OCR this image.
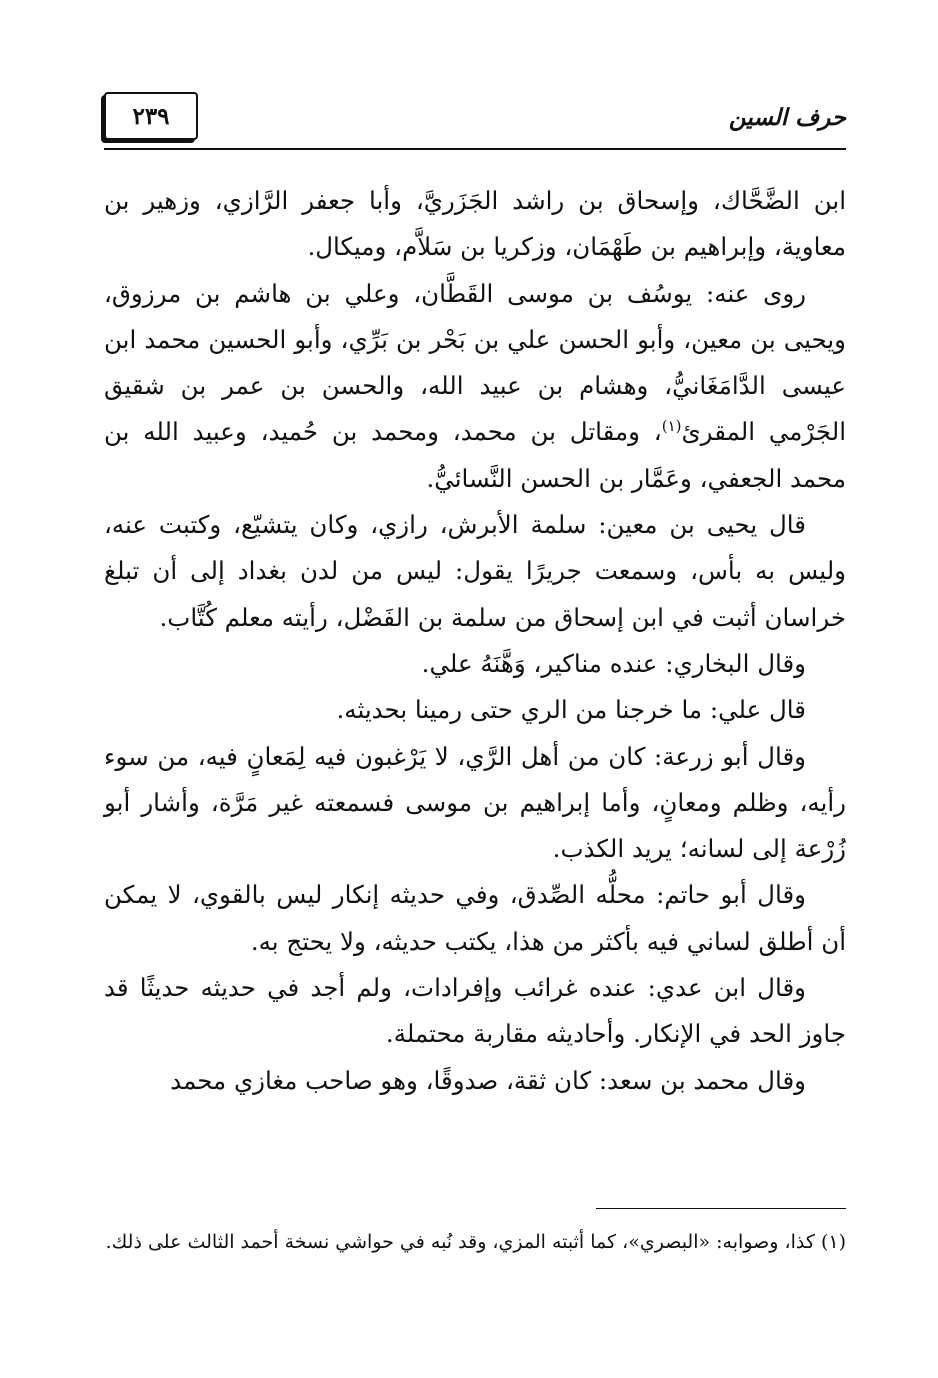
حرف السين
٢٣٩

ابن الضَّحَّاك، وإسحاق بن راشد الجَزَريَّ، وأبا جعفر الرَّازي، وزهير بن معاوية، وإبراهيم بن طَهْمَان، وزكريا بن سَلاَّم، وميكال.

روى عنه: يوسُف بن موسى القَطَّان، وعلي بن هاشم بن مرزوق، ويحيى بن معين، وأبو الحسن علي بن بَحْر بن بَرِّي، وأبو الحسين محمد ابن عيسى الدَّامَغَانيُّ، وهشام بن عبيد الله، والحسن بن عمر بن شقيق الجَرْمي المقرئ$^{(١)}$، ومقاتل بن محمد، ومحمد بن حُميد، وعبيد الله بن محمد الجعفي، وعَمَّار بن الحسن النَّسائيُّ.

قال يحيى بن معين: سلمة الأبرش، رازي، وكان يتشيّع، وكتبت عنه، وليس به بأس، وسمعت جريرًا يقول: ليس من لدن بغداد إلى أن تبلغ خراسان أثبت في ابن إسحاق من سلمة بن الفَضْل، رأيته معلم كُتَّاب.

وقال البخاري: عنده مناكير، وَهَّنَهُ علي.

قال علي: ما خرجنا من الري حتى رمينا بحديثه.

وقال أبو زرعة: كان من أهل الرَّي، لا يَرْغبون فيه لِمَعانٍ فيه، من سوء رأيه، وظلم ومعانٍ، وأما إبراهيم بن موسى فسمعته غير مَرَّة، وأشار أبو زُرْعة إلى لسانه؛ يريد الكذب.

وقال أبو حاتم: محلُّه الصِّدق، وفي حديثه إنكار ليس بالقوي، لا يمكن أن أطلق لساني فيه بأكثر من هذا، يكتب حديثه، ولا يحتج به.

وقال ابن عدي: عنده غرائب وإفرادات، ولم أجد في حديثه حديثًا قد جاوز الحد في الإنكار. وأحاديثه مقاربة محتملة.

وقال محمد بن سعد: كان ثقة، صدوقًا، وهو صاحب مغازي محمد

(١) كذا، وصوابه: «البصري»، كما أثبته المزي، وقد نُبه في حواشي نسخة أحمد الثالث على ذلك.
